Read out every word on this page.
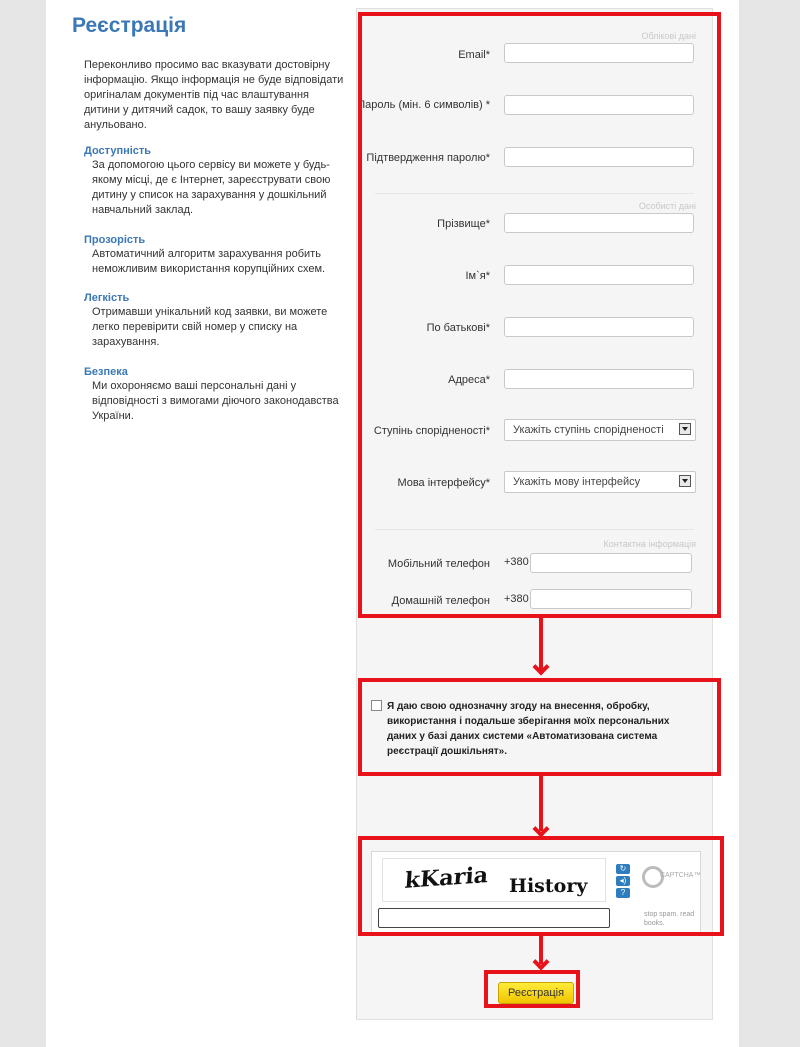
Реєстрація
Переконливо просимо вас вказувати достовірну інформацію. Якщо інформація не буде відповідати оригіналам документів під час влаштування дитини у дитячий садок, то вашу заявку буде анульовано.
Доступність
За допомогою цього сервісу ви можете у будь-якому місці, де є Інтернет, зареєструвати свою дитину у список на зарахування у дошкільний навчальний заклад.
Прозорість
Автоматичний алгоритм зарахування робить неможливим використання корупційних схем.
Легкість
Отримавши унікальний код заявки, ви можете легко перевірити свій номер у списку на зарахування.
Безпека
Ми охороняємо ваші персональні дані у відповідності з вимогами діючого законодавства України.
Облікові дані
Email*
Пароль (мін. 6 символів) *
Підтвердження паролю*
Особисті дані
Прізвище*
Ім`я*
По батькові*
Адреса*
Ступінь спорідненості*	Укажіть ступінь спорідненості
Мова інтерфейсу*	Укажіть мову інтерфейсу
Контактна інформація
Мобільний телефон +380
Домашній телефон +380
Я даю свою однозначну згоду на внесення, обробку, використання і подальше зберігання моїх персональних даних у базі даних системи «Автоматизована система реєстрації дошкільнят».
kKaria History
↻
◂)
?
CAPTCHA™
stop spam. read books.
Реєстрація
